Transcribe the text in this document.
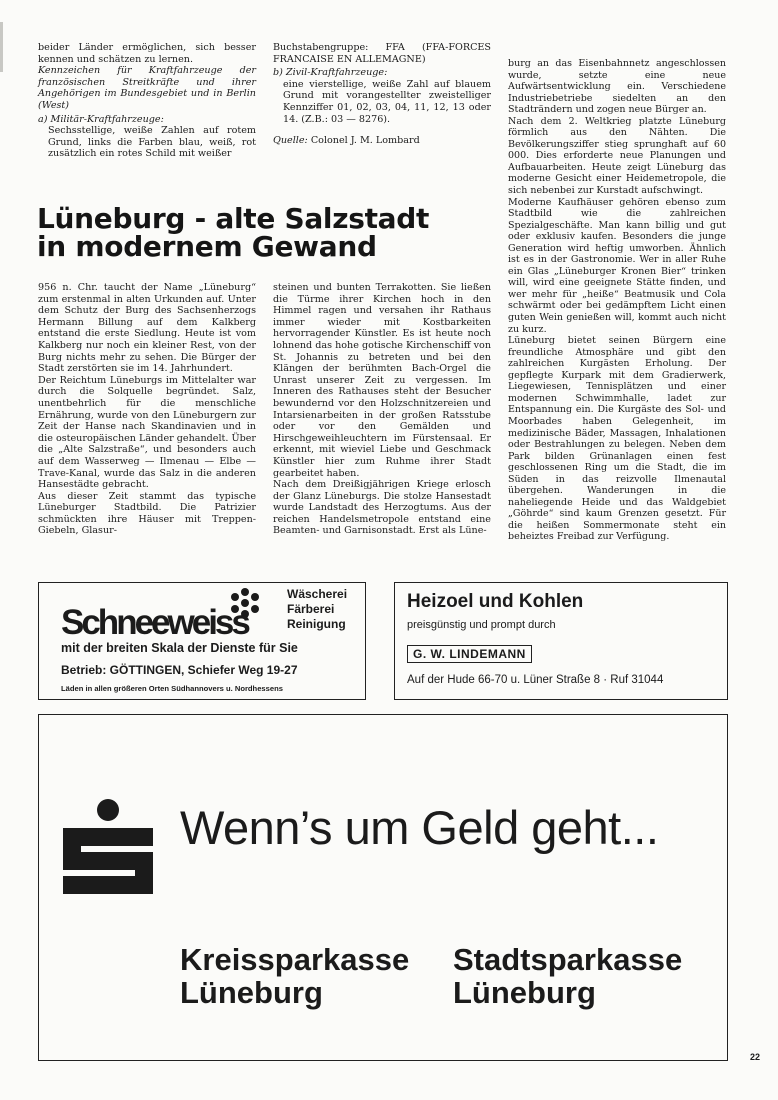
beider Länder ermöglichen, sich besser kennen und schätzen zu lernen.

Kennzeichen für Kraftfahrzeuge der französischen Streitkräfte und ihrer Angehörigen im Bundesgebiet und in Berlin (West)

a) Militär-Kraftfahrzeuge:

Sechsstellige, weiße Zahlen auf rotem Grund, links die Farben blau, weiß, rot zusätzlich ein rotes Schild mit weißer

Buchstabengruppe: FFA (FFA-FORCES FRANCAISE EN ALLEMAGNE)

b) Zivil-Kraftfahrzeuge:

eine vierstellige, weiße Zahl auf blauem Grund mit vorangestellter zweistelliger Kennziffer 01, 02, 03, 04, 11, 12, 13 oder 14. (Z.B.: 03 — 8276).

Quelle: Colonel J. M. Lombard

Lüneburg - alte Salzstadt
in modernem Gewand

956 n. Chr. taucht der Name „Lüneburg“ zum erstenmal in alten Urkunden auf. Unter dem Schutz der Burg des Sachsenherzogs Hermann Billung auf dem Kalkberg entstand die erste Siedlung. Heute ist vom Kalkberg nur noch ein kleiner Rest, von der Burg nichts mehr zu sehen. Die Bürger der Stadt zerstörten sie im 14. Jahrhundert.

Der Reichtum Lüneburgs im Mittelalter war durch die Solquelle begründet. Salz, unentbehrlich für die menschliche Ernährung, wurde von den Lüneburgern zur Zeit der Hanse nach Skandinavien und in die osteuropäischen Länder gehandelt. Über die „Alte Salzstraße“, und besonders auch auf dem Wasserweg — Ilmenau — Elbe — Trave-Kanal, wurde das Salz in die anderen Hansestädte gebracht.

Aus dieser Zeit stammt das typische Lüneburger Stadtbild. Die Patrizier schmückten ihre Häuser mit Treppen-Giebeln, Glasur-

steinen und bunten Terrakotten. Sie ließen die Türme ihrer Kirchen hoch in den Himmel ragen und versahen ihr Rathaus immer wieder mit Kostbarkeiten hervorragender Künstler. Es ist heute noch lohnend das hohe gotische Kirchenschiff von St. Johannis zu betreten und bei den Klängen der berühmten Bach-Orgel die Unrast unserer Zeit zu vergessen. Im Inneren des Rathauses steht der Besucher bewundernd vor den Holzschnitzereien und Intarsienarbeiten in der großen Ratsstube oder vor den Gemälden und Hirschgeweihleuchtern im Fürstensaal. Er erkennt, mit wieviel Liebe und Geschmack Künstler hier zum Ruhme ihrer Stadt gearbeitet haben.

Nach dem Dreißigjährigen Kriege erlosch der Glanz Lüneburgs. Die stolze Hansestadt wurde Landstadt des Herzogtums. Aus der reichen Handelsmetropole entstand eine Beamten- und Garnisonstadt. Erst als Lüne-

burg an das Eisenbahnnetz angeschlossen wurde, setzte eine neue Aufwärtsentwicklung ein. Verschiedene Industriebetriebe siedelten an den Stadträndern und zogen neue Bürger an.

Nach dem 2. Weltkrieg platzte Lüneburg förmlich aus den Nähten. Die Bevölkerungsziffer stieg sprunghaft auf 60 000. Dies erforderte neue Planungen und Aufbauarbeiten. Heute zeigt Lüneburg das moderne Gesicht einer Heidemetropole, die sich nebenbei zur Kurstadt aufschwingt.

Moderne Kaufhäuser gehören ebenso zum Stadtbild wie die zahlreichen Spezialgeschäfte. Man kann billig und gut oder exklusiv kaufen. Besonders die junge Generation wird heftig umworben. Ähnlich ist es in der Gastronomie. Wer in aller Ruhe ein Glas „Lüneburger Kronen Bier“ trinken will, wird eine geeignete Stätte finden, und wer mehr für „heiße“ Beatmusik und Cola schwärmt oder bei gedämpftem Licht einen guten Wein genießen will, kommt auch nicht zu kurz.

Lüneburg bietet seinen Bürgern eine freundliche Atmosphäre und gibt den zahlreichen Kurgästen Erholung. Der gepflegte Kurpark mit dem Gradierwerk, Liegewiesen, Tennisplätzen und einer modernen Schwimmhalle, ladet zur Entspannung ein. Die Kurgäste des Sol- und Moorbades haben Gelegenheit, im medizinische Bäder, Massagen, Inhalationen oder Bestrahlungen zu belegen. Neben dem Park bilden Grünanlagen einen fest geschlossenen Ring um die Stadt, die im Süden in das reizvolle Ilmenautal übergehen. Wanderungen in die naheliegende Heide und das Waldgebiet „Göhrde“ sind kaum Grenzen gesetzt. Für die heißen Sommermonate steht ein beheiztes Freibad zur Verfügung.

Schneeweiss
Wäscherei
Färberei
Reinigung
mit der breiten Skala der Dienste für Sie
Betrieb: GÖTTINGEN, Schiefer Weg 19-27
Läden in allen größeren Orten Südhannovers u. Nordhessens
Heizoel und Kohlen
preisgünstig und prompt durch
G. W. LINDEMANN
Auf der Hude 66-70 u. Lüner Straße 8 · Ruf 31044
Wenn’s um Geld geht...
Kreissparkasse
Lüneburg
Stadtsparkasse
Lüneburg
22
